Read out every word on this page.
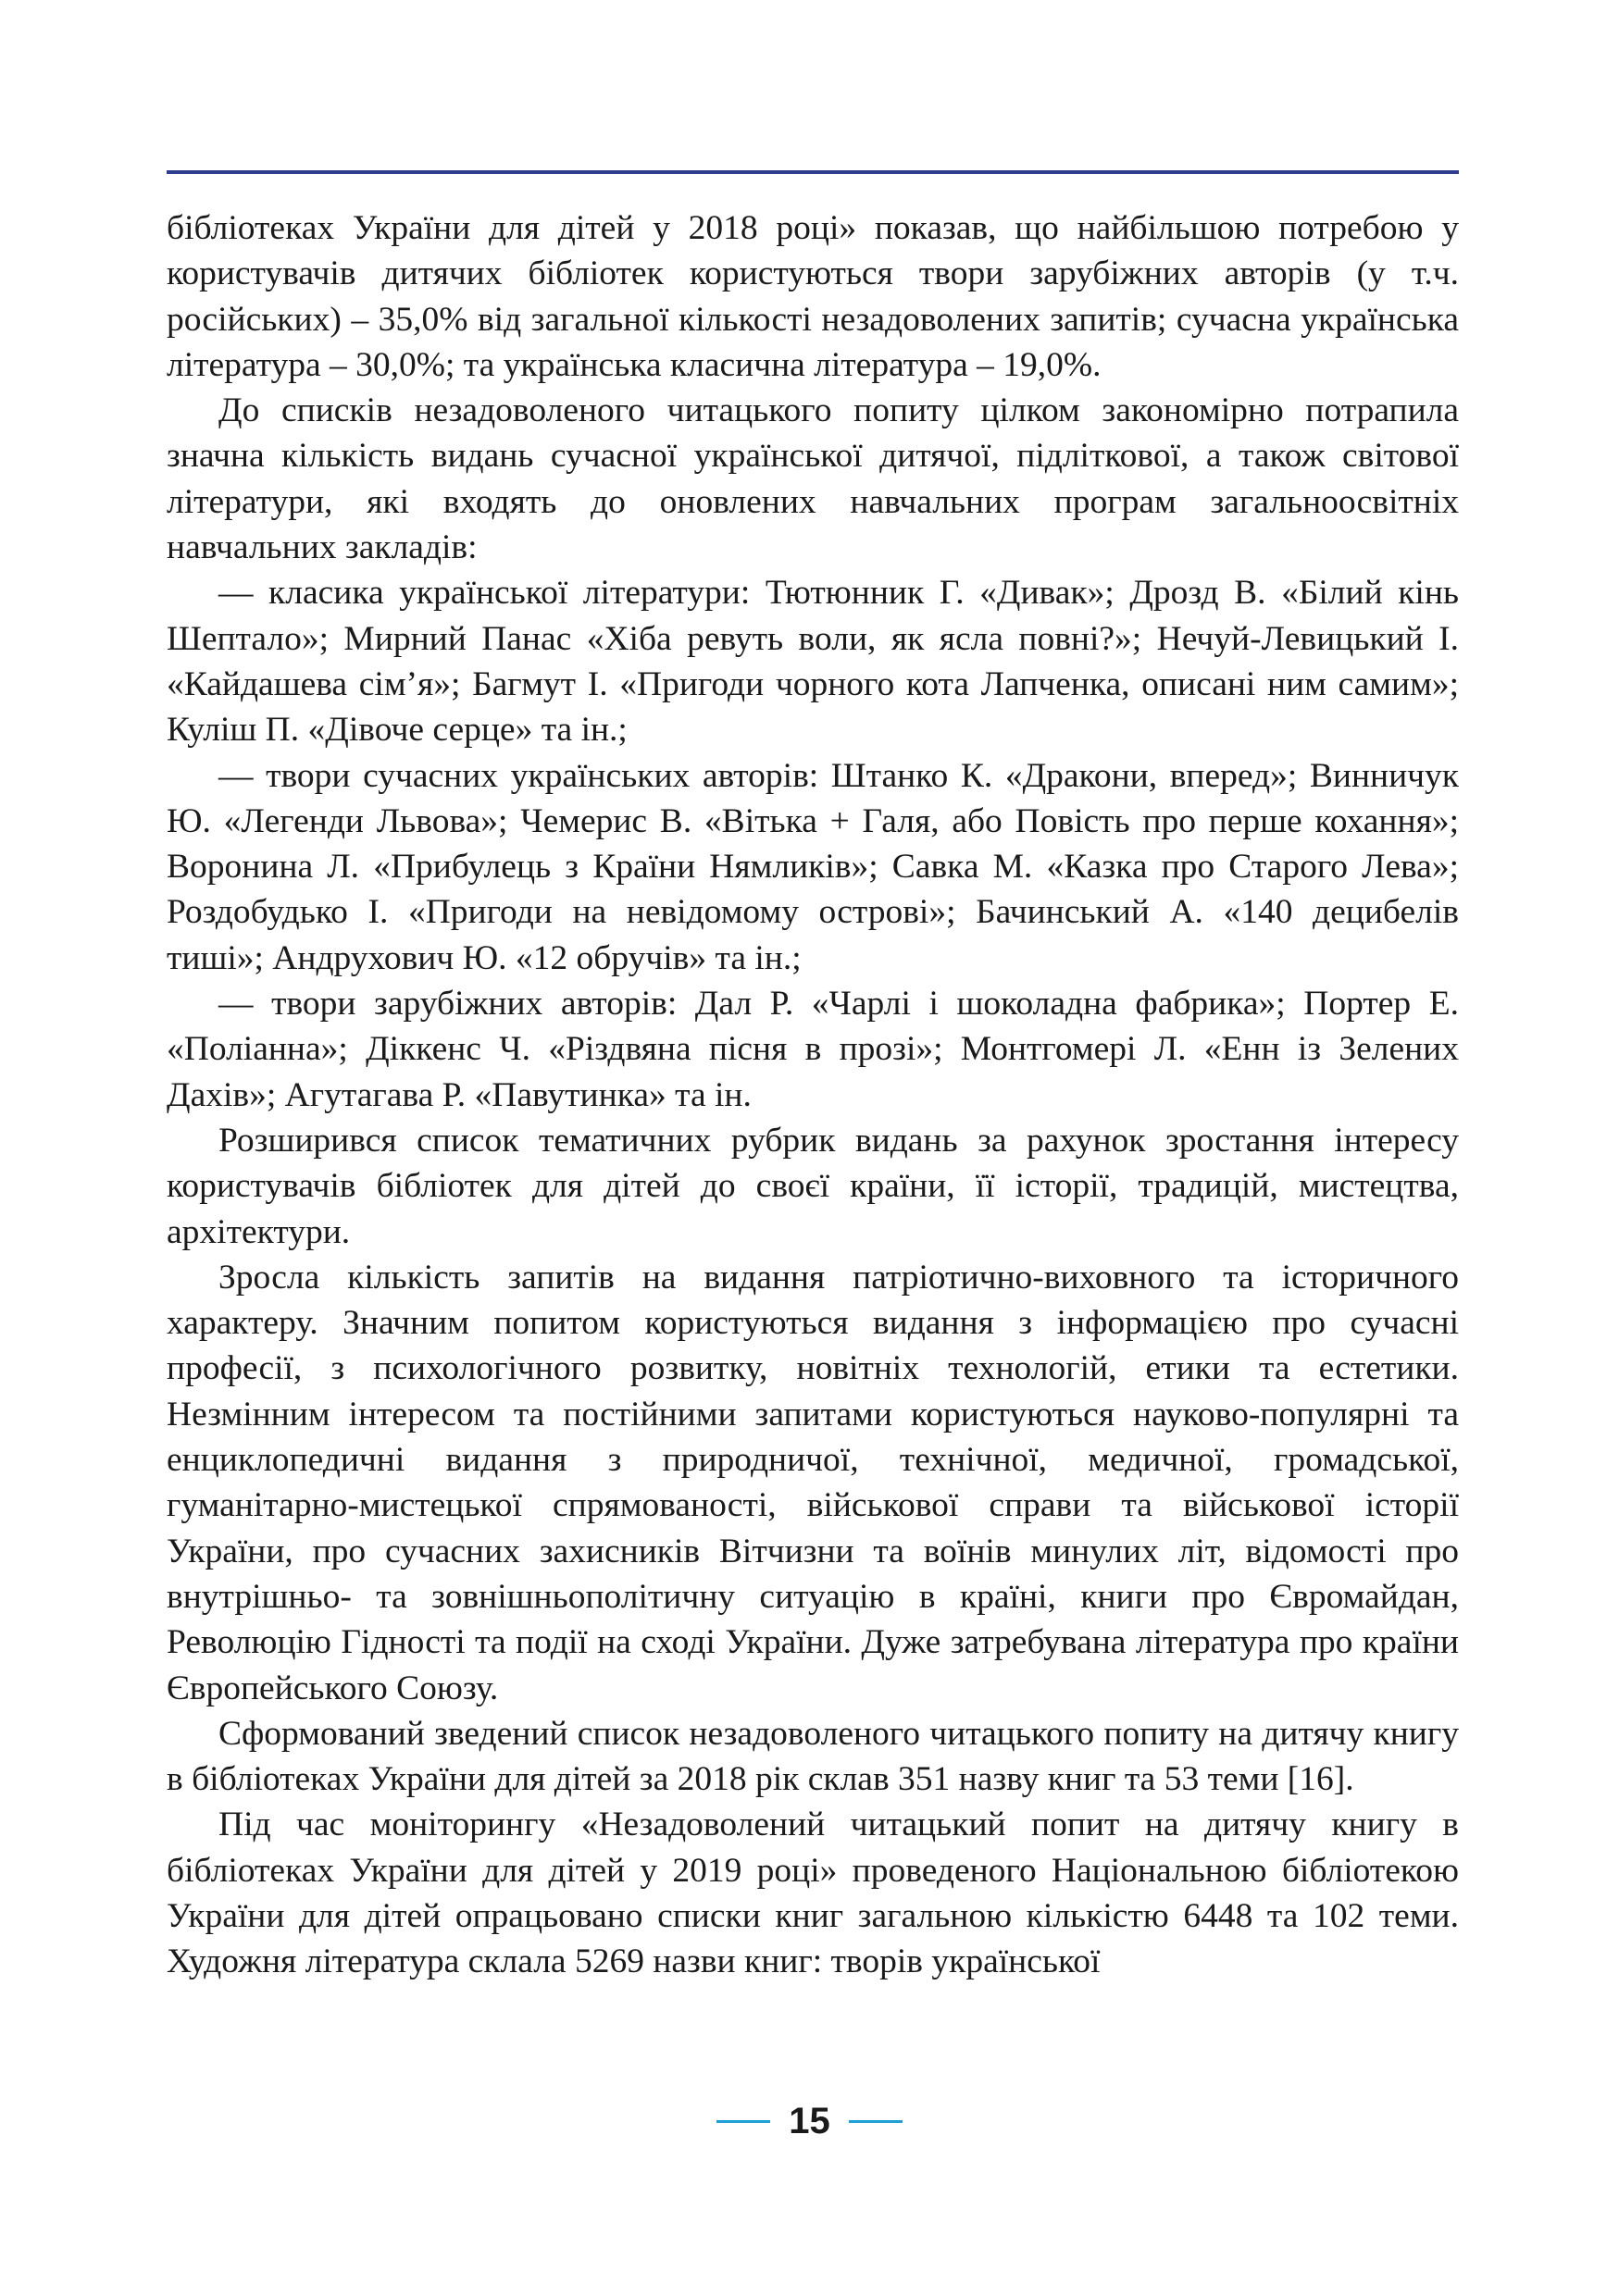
бібліотеках України для дітей у 2018 році» показав, що найбільшою потребою у користувачів дитячих бібліотек користуються твори зарубіжних авторів (у т.ч. російських) – 35,0% від загальної кількості незадоволених запитів; сучасна українська література – 30,0%; та українська класична література – 19,0%.

До списків незадоволеного читацького попиту цілком закономірно потрапила значна кількість видань сучасної української дитячої, підліткової, а також світової літератури, які входять до оновлених навчальних програм загальноосвітніх навчальних закладів:

— класика української літератури: Тютюнник Г. «Дивак»; Дрозд В. «Білий кінь Шептало»; Мирний Панас «Хіба ревуть воли, як ясла повні?»; Нечуй-Левицький І. «Кайдашева сім’я»; Багмут І. «Пригоди чорного кота Лапченка, описані ним самим»; Куліш П. «Дівоче серце» та ін.;

— твори сучасних українських авторів: Штанко К. «Дракони, вперед»; Винничук Ю. «Легенди Львова»; Чемерис В. «Вітька + Галя, або Повість про перше кохання»; Воронина Л. «Прибулець з Країни Нямликів»; Савка М. «Казка про Старого Лева»; Роздобудько І. «Пригоди на невідомому острові»; Бачинський А. «140 децибелів тиші»; Андрухович Ю. «12 обручів» та ін.;

— твори зарубіжних авторів: Дал Р. «Чарлі і шоколадна фабрика»; Портер Е. «Поліанна»; Діккенс Ч. «Різдвяна пісня в прозі»; Монтгомері Л. «Енн із Зелених Дахів»; Агутагава Р. «Павутинка» та ін.

Розширився список тематичних рубрик видань за рахунок зростання інтересу користувачів бібліотек для дітей до своєї країни, її історії, традицій, мистецтва, архітектури.

Зросла кількість запитів на видання патріотично-виховного та історичного характеру. Значним попитом користуються видання з інформацією про сучасні професії, з психологічного розвитку, новітніх технологій, етики та естетики. Незмінним інтересом та постійними запитами користуються науково-популярні та енциклопедичні видання з природничої, технічної, медичної, громадської, гуманітарно-мистецької спрямованості, військової справи та військової історії України, про сучасних захисників Вітчизни та воїнів минулих літ, відомості про внутрішньо- та зовнішньополітичну ситуацію в країні, книги про Євромайдан, Революцію Гідності та події на сході України. Дуже затребувана література про країни Європейського Союзу.

Сформований зведений список незадоволеного читацького попиту на дитячу книгу в бібліотеках України для дітей за 2018 рік склав 351 назву книг та 53 теми [16].

Під час моніторингу «Незадоволений читацький попит на дитячу книгу в бібліотеках України для дітей у 2019 році» проведеного Національною бібліотекою України для дітей опрацьовано списки книг загальною кількістю 6448 та 102 теми. Художня література склала 5269 назви книг: творів української

15
